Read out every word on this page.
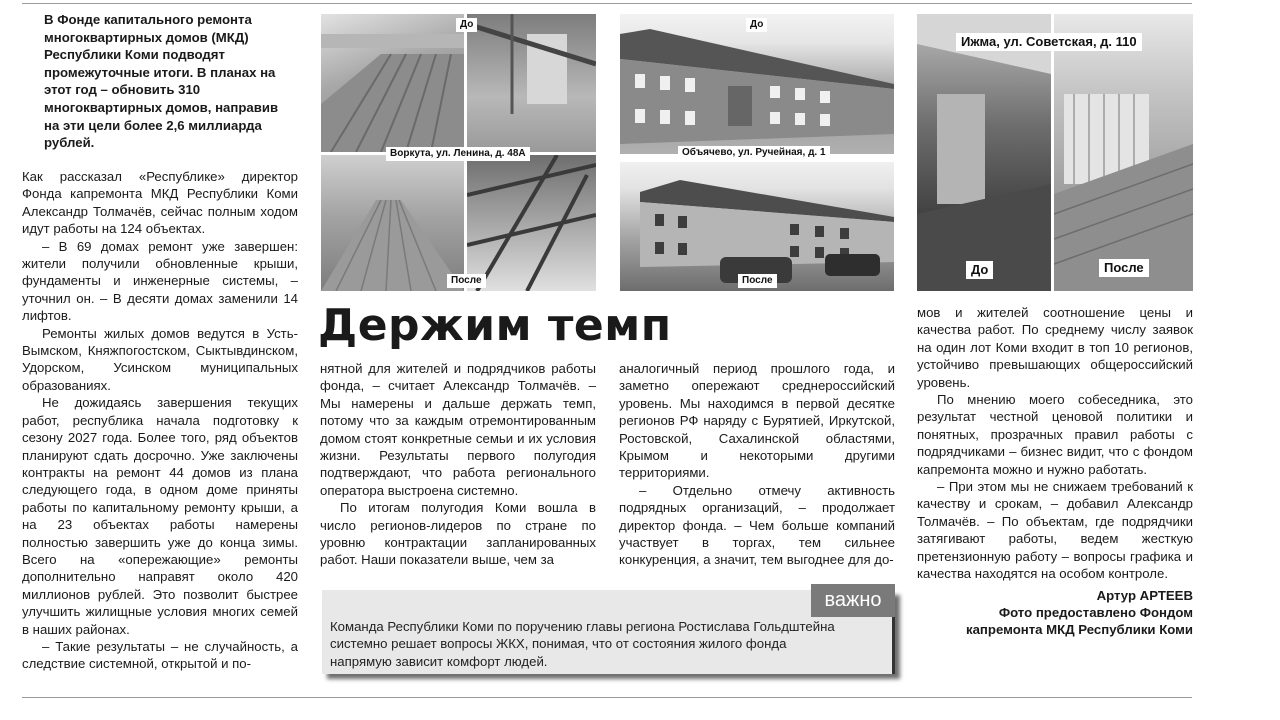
В Фонде капитального ремонта многоквартирных домов (МКД) Республики Коми подводят промежуточные итоги. В планах на этот год – обновить 310 многоквартирных домов, направив на эти цели более 2,6 миллиарда рублей.

Как рассказал «Республике» директор Фонда капремонта МКД Республики Коми Александр Толмачёв, сейчас полным ходом идут работы на 124 объектах.

– В 69 домах ремонт уже завершен: жители получили обновленные крыши, фундаменты и инженерные системы, – уточнил он. – В десяти домах заменили 14 лифтов.

Ремонты жилых домов ведутся в Усть-Вымском, Княжпогостском, Сыктывдинском, Удорском, Усинском муниципальных образованиях.

Не дожидаясь завершения текущих работ, республика начала подготовку к сезону 2027 года. Более того, ряд объектов планируют сдать досрочно. Уже заключены контракты на ремонт 44 домов из плана следующего года, в одном доме приняты работы по капитальному ремонту крыши, а на 23 объектах работы намерены полностью завершить уже до конца зимы. Всего на «опережающие» ремонты дополнительно направят около 420 миллионов рублей. Это позволит быстрее улучшить жилищные условия многих семей в наших районах.

– Такие результаты – не случайность, а следствие системной, открытой и по-

До
Воркута, ул. Ленина, д. 48А
После
До
Объячево, ул. Ручейная, д. 1
После
Ижма, ул. Советская, д. 110
До	После
Держим темп

нятной для жителей и подрядчиков работы фонда, – считает Александр Толмачёв. – Мы намерены и дальше держать темп, потому что за каждым отремонтированным домом стоят конкретные семьи и их условия жизни. Результаты первого полугодия подтверждают, что работа регионального оператора выстроена системно.

По итогам полугодия Коми вошла в число регионов-лидеров по стране по уровню контрактации запланированных работ. Наши показатели выше, чем за

аналогичный период прошлого года, и заметно опережают среднероссийский уровень. Мы находимся в первой десятке регионов РФ наряду с Бурятией, Иркутской, Ростовской, Сахалинской областями, Крымом и некоторыми другими территориями.

– Отдельно отмечу активность подрядных организаций, – продолжает директор фонда. – Чем больше компаний участвует в торгах, тем сильнее конкуренция, а значит, тем выгоднее для до-

мов и жителей соотношение цены и качества работ. По среднему числу заявок на один лот Коми входит в топ 10 регионов, устойчиво превышающих общероссийский уровень.

По мнению моего собеседника, это результат честной ценовой политики и понятных, прозрачных правил работы с подрядчиками – бизнес видит, что с фондом капремонта можно и нужно работать.

– При этом мы не снижаем требований к качеству и срокам, – добавил Александр Толмачёв. – По объектам, где подрядчики затягивают работы, ведем жесткую претензионную работу – вопросы графика и качества находятся на особом контроле.

Артур АРТЕЕВ
Фото предоставлено Фондом
капремонта МКД Республики Коми
важно
Команда Республики Коми по поручению главы региона Ростислава Гольдштейна системно решает вопросы ЖКХ, понимая, что от состояния жилого фонда напрямую зависит комфорт людей.
